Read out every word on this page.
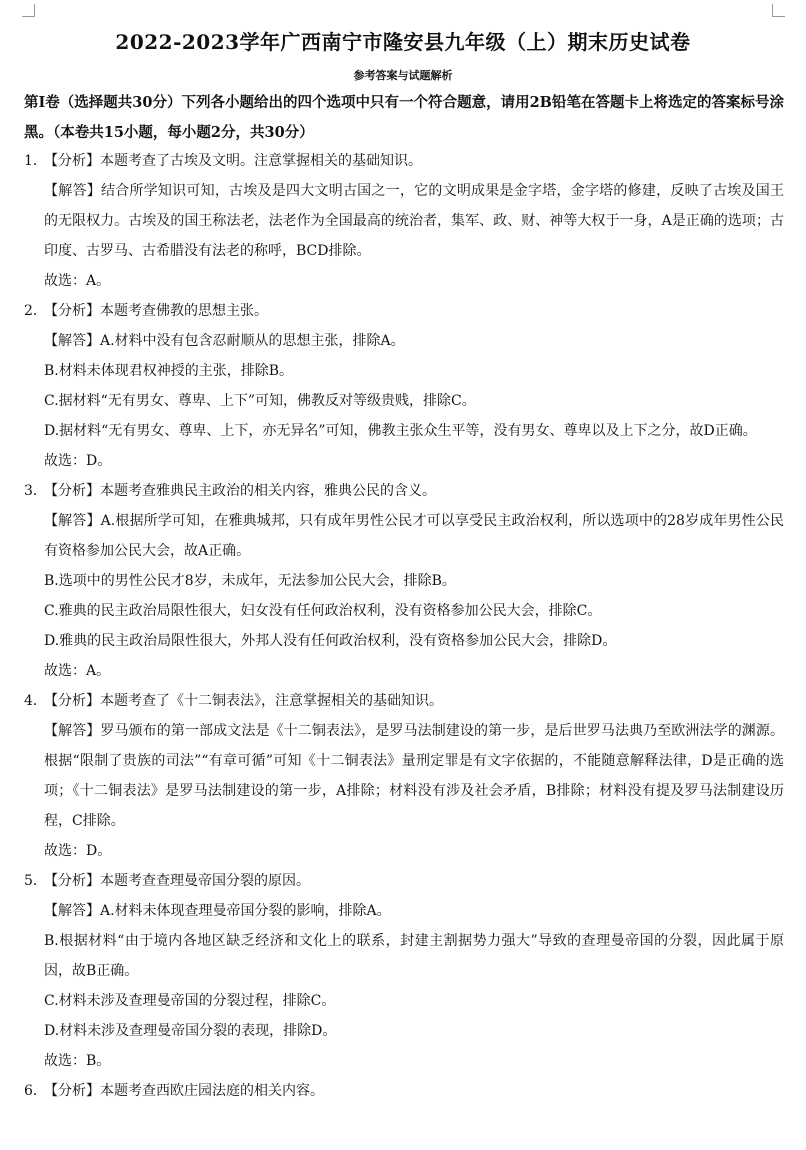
2022-2023学年广西南宁市隆安县九年级（上）期末历史试卷
参考答案与试题解析
第Ⅰ卷（选择题共30分）下列各小题给出的四个选项中只有一个符合题意，请用2B铅笔在答题卡上将选定的答案标号涂黑。（本卷共15小题，每小题2分，共30分）
1．【分析】本题考查了古埃及文明。注意掌握相关的基础知识。
【解答】结合所学知识可知，古埃及是四大文明古国之一，它的文明成果是金字塔，金字塔的修建，反映了古埃及国王的无限权力。古埃及的国王称法老，法老作为全国最高的统治者，集军、政、财、神等大权于一身，A是正确的选项；古印度、古罗马、古希腊没有法老的称呼，BCD排除。
故选：A。
2．【分析】本题考查佛教的思想主张。
【解答】A.材料中没有包含忍耐顺从的思想主张，排除A。
B.材料未体现君权神授的主张，排除B。
C.据材料“无有男女、尊卑、上下”可知，佛教反对等级贵贱，排除C。
D.据材料“无有男女、尊卑、上下，亦无异名”可知，佛教主张众生平等，没有男女、尊卑以及上下之分，故D正确。
故选：D。
3．【分析】本题考查雅典民主政治的相关内容，雅典公民的含义。
【解答】A.根据所学可知，在雅典城邦，只有成年男性公民才可以享受民主政治权利，所以选项中的28岁成年男性公民有资格参加公民大会，故A正确。
B.选项中的男性公民才8岁，未成年，无法参加公民大会，排除B。
C.雅典的民主政治局限性很大，妇女没有任何政治权利，没有资格参加公民大会，排除C。
D.雅典的民主政治局限性很大，外邦人没有任何政治权利，没有资格参加公民大会，排除D。
故选：A。
4．【分析】本题考查了《十二铜表法》，注意掌握相关的基础知识。
【解答】罗马颁布的第一部成文法是《十二铜表法》，是罗马法制建设的第一步，是后世罗马法典乃至欧洲法学的渊源。根据“限制了贵族的司法”“有章可循”可知《十二铜表法》量刑定罪是有文字依据的，不能随意解释法律，D是正确的选项；《十二铜表法》是罗马法制建设的第一步，A排除；材料没有涉及社会矛盾，B排除；材料没有提及罗马法制建设历程，C排除。
故选：D。
5．【分析】本题考查查理曼帝国分裂的原因。
【解答】A.材料未体现查理曼帝国分裂的影响，排除A。
B.根据材料“由于境内各地区缺乏经济和文化上的联系，封建主割据势力强大”导致的查理曼帝国的分裂，因此属于原因，故B正确。
C.材料未涉及查理曼帝国的分裂过程，排除C。
D.材料未涉及查理曼帝国分裂的表现，排除D。
故选：B。
6．【分析】本题考查西欧庄园法庭的相关内容。
